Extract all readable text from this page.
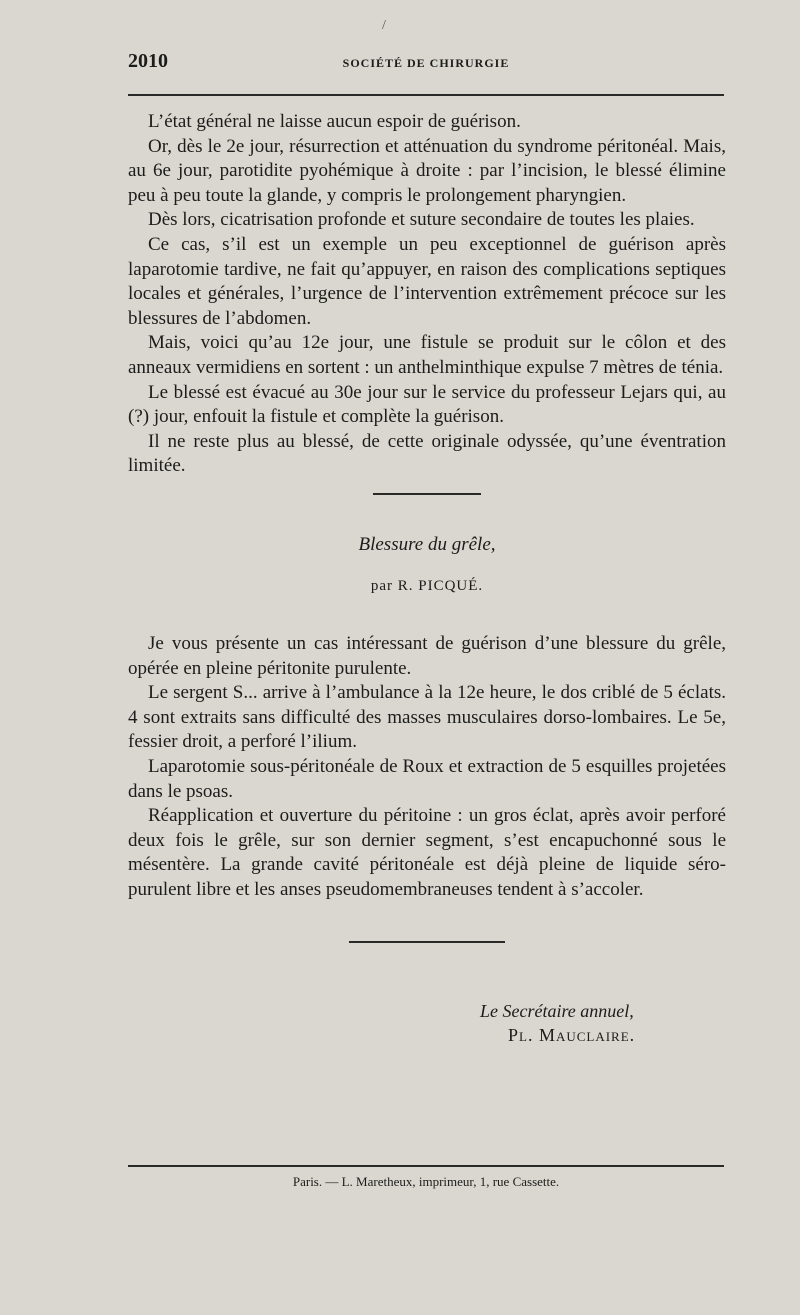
/
2010	SOCIÉTÉ DE CHIRURGIE

L’état général ne laisse aucun espoir de guérison.

Or, dès le 2e jour, résurrection et atténuation du syndrome péritonéal. Mais, au 6e jour, parotidite pyohémique à droite : par l’incision, le blessé élimine peu à peu toute la glande, y compris le prolongement pharyngien.

Dès lors, cicatrisation profonde et suture secondaire de toutes les plaies.

Ce cas, s’il est un exemple un peu exceptionnel de guérison après laparotomie tardive, ne fait qu’appuyer, en raison des complications septiques locales et générales, l’urgence de l’intervention extrêmement précoce sur les blessures de l’abdomen.

Mais, voici qu’au 12e jour, une fistule se produit sur le côlon et des anneaux vermidiens en sortent : un anthelminthique expulse 7 mètres de ténia.

Le blessé est évacué au 30e jour sur le service du professeur Lejars qui, au (?) jour, enfouit la fistule et complète la guérison.

Il ne reste plus au blessé, de cette originale odyssée, qu’une éventration limitée.

Blessure du grêle,
par R. PICQUÉ.

Je vous présente un cas intéressant de guérison d’une blessure du grêle, opérée en pleine péritonite purulente.

Le sergent S... arrive à l’ambulance à la 12e heure, le dos criblé de 5 éclats. 4 sont extraits sans difficulté des masses musculaires dorso-lombaires. Le 5e, fessier droit, a perforé l’ilium.

Laparotomie sous-péritonéale de Roux et extraction de 5 esquilles projetées dans le psoas.

Réapplication et ouverture du péritoine : un gros éclat, après avoir perforé deux fois le grêle, sur son dernier segment, s’est encapuchonné sous le mésentère. La grande cavité péritonéale est déjà pleine de liquide séro-purulent libre et les anses pseudomembraneuses tendent à s’accoler.

Le Secrétaire annuel,
Pl. Mauclaire.
Paris. — L. Maretheux, imprimeur, 1, rue Cassette.
